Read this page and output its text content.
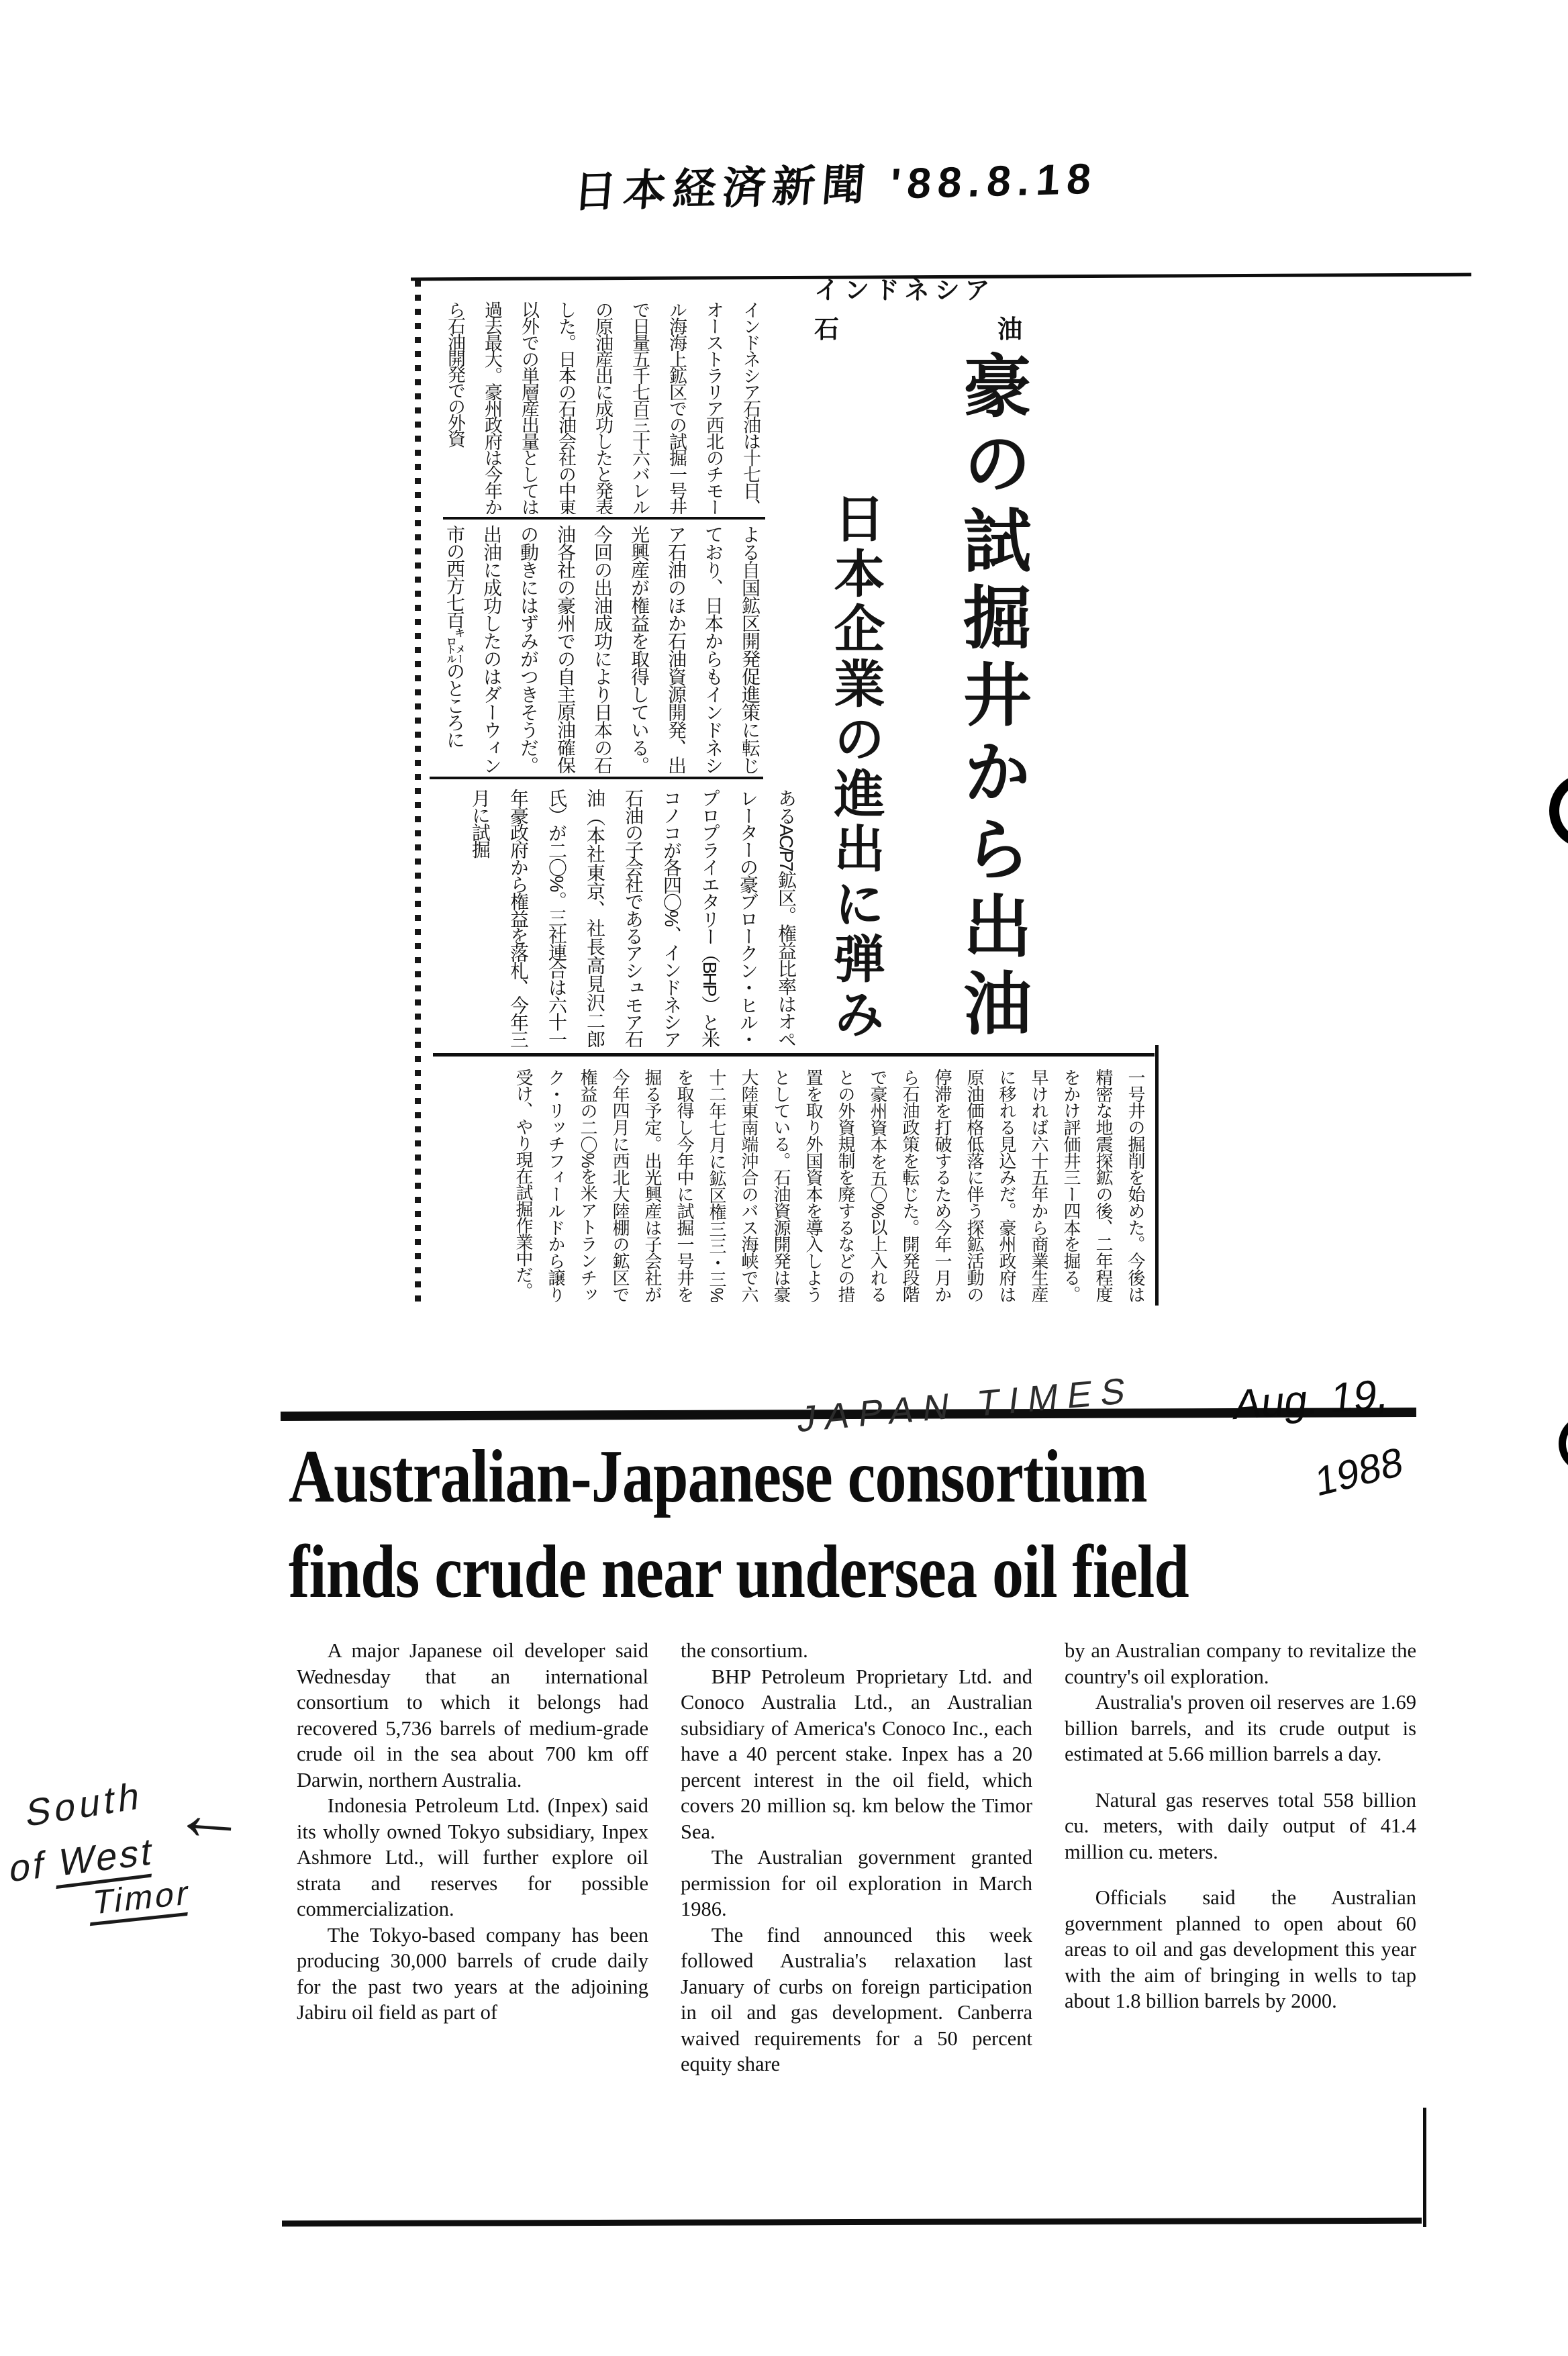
日本経済新聞 '88.8.18
インドネシア石油は十七日、オーストラリア西北のチモール海海上鉱区での試掘一号井で日量五千七百三十六バレルの原油産出に成功したと発表した。日本の石油会社の中東以外での単層産出量としては過去最大。豪州政府は今年から石油開発での外資
よる自国鉱区開発促進策に転じており、日本からもインドネシア石油のほか石油資源開発、出光興産が権益を取得している。今回の出油成功により日本の石油各社の豪州での自主原油確保の動きにはずみがつきそうだ。出油に成功したのはダーウィン市の西方七百㌔㍍のところに
あるAC/P7鉱区。権益比率はオペレーターの豪ブロークン・ヒル・プロプライエタリー（BHP）と米コノコが各四〇%、インドネシア石油の子会社であるアシュモア石油（本社東京、社長高見沢二郎氏）が二〇%。三社連合は六十一年豪政府から権益を落札、今年三月に試掘
一号井の掘削を始めた。今後は精密な地震探鉱の後、二年程度をかけ評価井三ー四本を掘る。早ければ六十五年から商業生産に移れる見込みだ。豪州政府は原油価格低落に伴う探鉱活動の停滞を打破するため今年一月から石油政策を転じた。開発段階で豪州資本を五〇%以上入れるとの外資規制を廃するなどの措置を取り外国資本を導入しようとしている。石油資源開発は豪大陸東南端沖合のバス海峡で六十二年七月に鉱区権三三・三%を取得し今年中に試掘一号井を掘る予定。出光興産は子会社が今年四月に西北大陸棚の鉱区で権益の二〇%を米アトランチック・リッチフィールドから譲り受け、やり現在試掘作業中だ。
インドネシア
石	油
豪の試掘井から出油
日本企業の進出に弾み
JAPAN TIMES Aug. 19,
1988
Australian-Japanese consortium
finds crude near undersea oil field

A major Japanese oil developer said Wednesday that an international consortium to which it belongs had recovered 5,736 barrels of medium-grade crude oil in the sea about 700 km off Darwin, northern Australia.

Indonesia Petroleum Ltd. (Inpex) said its wholly owned Tokyo subsidiary, Inpex Ashmore Ltd., will further explore oil strata and reserves for possible commercialization.

The Tokyo-based company has been producing 30,000 barrels of crude daily for the past two years at the adjoining Jabiru oil field as part of

the consortium.

BHP Petroleum Proprietary Ltd. and Conoco Australia Ltd., an Australian subsidiary of America's Conoco Inc., each have a 40 percent stake. Inpex has a 20 percent interest in the oil field, which covers 20 million sq. km below the Timor Sea.

The Australian government granted permission for oil exploration in March 1986.

The find announced this week followed Australia's relaxation last January of curbs on foreign participation in oil and gas development. Canberra waived requirements for a 50 percent equity share

by an Australian company to revitalize the country's oil exploration.

Australia's proven oil reserves are 1.69 billion barrels, and its crude output is estimated at 5.66 million barrels a day.

Natural gas reserves total 558 billion cu. meters, with daily output of 41.4 million cu. meters.

Officials said the Australian government planned to open about 60 areas to oil and gas development this year with the aim of bringing in wells to tap about 1.8 billion barrels by 2000.

South
of West
Timor
←
